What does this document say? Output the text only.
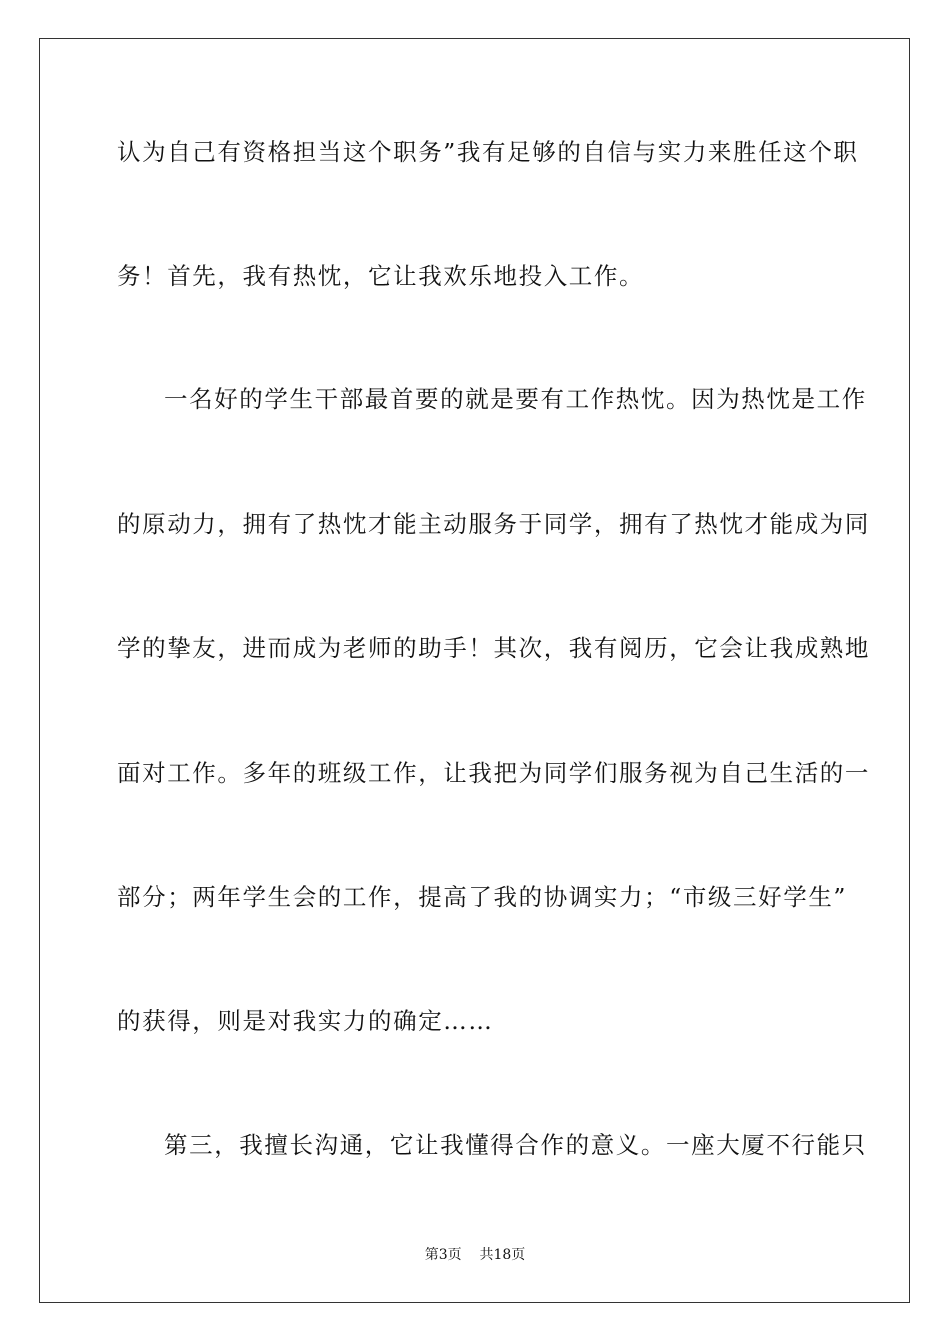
认为自己有资格担当这个职务”我有足够的自信与实力来胜任这个职
务！首先，我有热忱，它让我欢乐地投入工作。
一名好的学生干部最首要的就是要有工作热忱。因为热忱是工作
的原动力，拥有了热忱才能主动服务于同学，拥有了热忱才能成为同
学的挚友，进而成为老师的助手！其次，我有阅历，它会让我成熟地
面对工作。多年的班级工作，让我把为同学们服务视为自己生活的一
部分；两年学生会的工作，提高了我的协调实力；“市级三好学生”
的获得，则是对我实力的确定……
第三，我擅长沟通，它让我懂得合作的意义。一座大厦不行能只
第3页 共18页
